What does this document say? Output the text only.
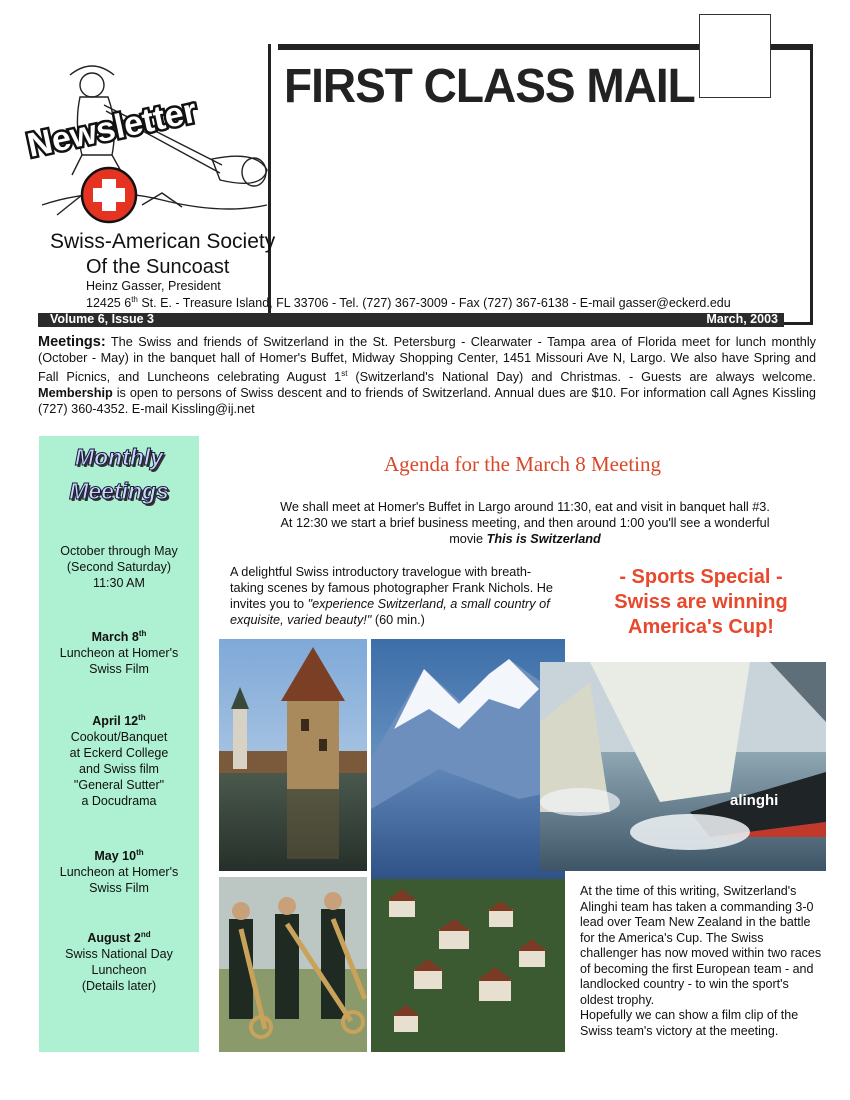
Newsletter
FIRST CLASS MAIL
Swiss-American Society
Of the Suncoast
Heinz Gasser, President
12425 6th St. E. - Treasure Island, FL 33706 - Tel. (727) 367-3009 - Fax (727) 367-6138 - E-mail gasser@eckerd.edu
Volume 6, Issue 3	March, 2003
Meetings: The Swiss and friends of Switzerland in the St. Petersburg - Clearwater - Tampa area of Florida meet for lunch monthly (October - May) in the banquet hall of Homer's Buffet, Midway Shopping Center, 1451 Missouri Ave N, Largo. We also have Spring and Fall Picnics, and Luncheons celebrating August 1st (Switzerland's National Day) and Christmas. - Guests are always welcome. Membership is open to persons of Swiss descent and to friends of Switzerland. Annual dues are $10. For information call Agnes Kissling (727) 360-4352. E-mail Kissling@ij.net
Monthly
Meetings
October through May
(Second Saturday)
11:30 AM
March 8th
Luncheon at Homer's
Swiss Film
April 12th
Cookout/Banquet
at Eckerd College
and Swiss film
"General Sutter"
a Docudrama
May 10th
Luncheon at Homer's
Swiss Film
August 2nd
Swiss National Day
Luncheon
(Details later)
Agenda for the March 8 Meeting
We shall meet at Homer's Buffet in Largo around 11:30, eat and visit in banquet hall #3.
At 12:30 we start a brief business meeting, and then around 1:00 you'll see a wonderful
movie This is Switzerland
A delightful Swiss introductory travelogue with breath-taking scenes by famous photographer Frank Nichols. He invites you to "experience Switzerland, a small country of exquisite, varied beauty!" (60 min.)
- Sports Special -
Swiss are winning
America's Cup!
alinghi
At the time of this writing, Switzerland's Alinghi team has taken a commanding 3-0 lead over Team New Zealand in the battle for the America's Cup. The Swiss challenger has now moved within two races of becoming the first European team - and landlocked country - to win the sport's oldest trophy.
Hopefully we can show a film clip of the Swiss team's victory at the meeting.
